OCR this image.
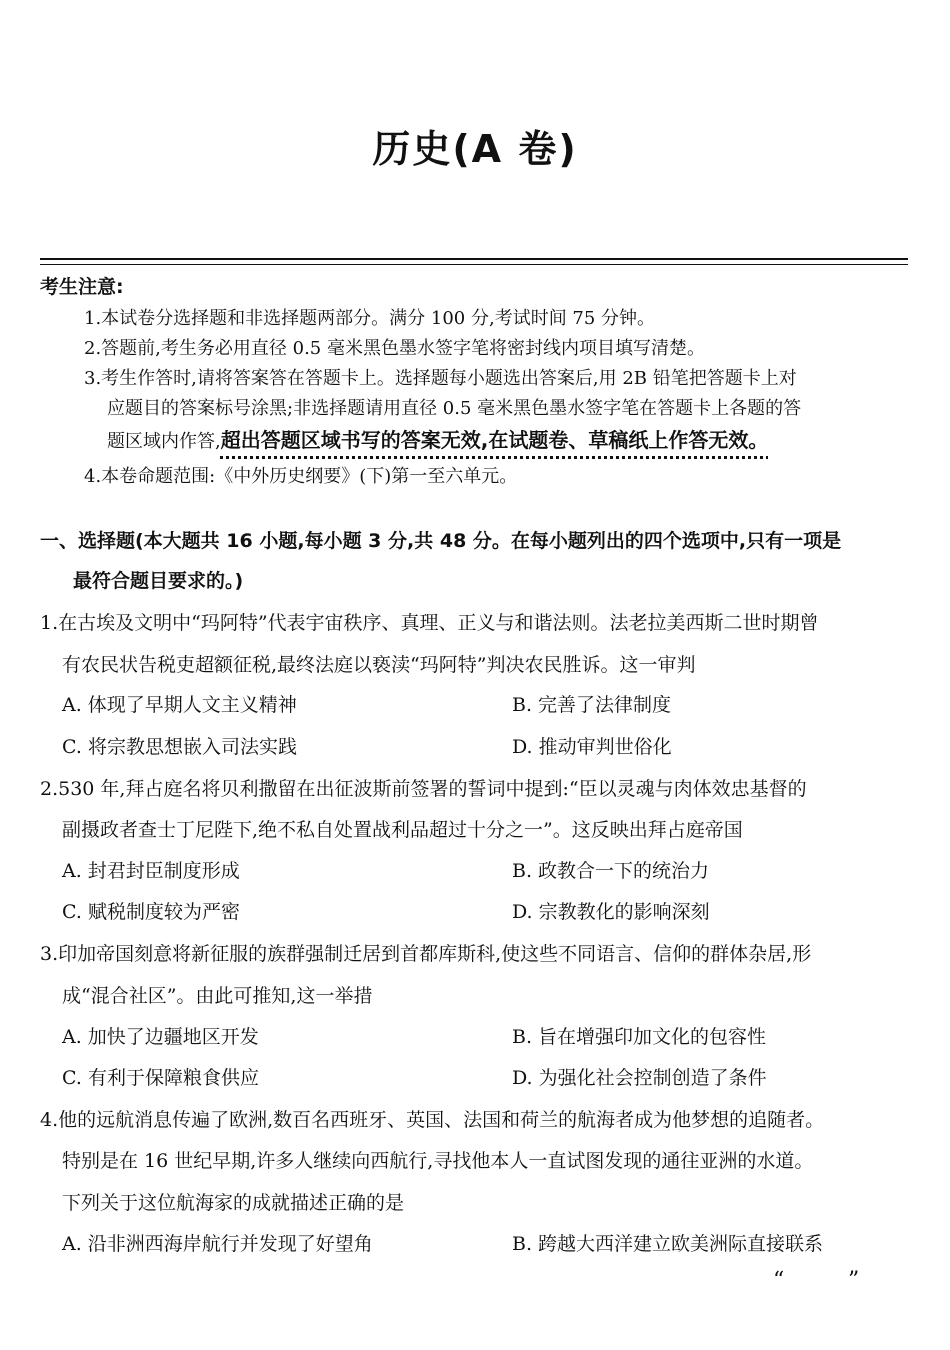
历史(A 卷)
考生注意:
1.本试卷分选择题和非选择题两部分。满分 100 分,考试时间 75 分钟。
2.答题前,考生务必用直径 0.5 毫米黑色墨水签字笔将密封线内项目填写清楚。
3.考生作答时,请将答案答在答题卡上。选择题每小题选出答案后,用 2B 铅笔把答题卡上对
应题目的答案标号涂黑;非选择题请用直径 0.5 毫米黑色墨水签字笔在答题卡上各题的答
题区域内作答,超出答题区域书写的答案无效,在试题卷、草稿纸上作答无效。
4.本卷命题范围:《中外历史纲要》(下)第一至六单元。
一、选择题(本大题共 16 小题,每小题 3 分,共 48 分。在每小题列出的四个选项中,只有一项是
最符合题目要求的。)
1.在古埃及文明中“玛阿特”代表宇宙秩序、真理、正义与和谐法则。法老拉美西斯二世时期曾
有农民状告税吏超额征税,最终法庭以亵渎“玛阿特”判决农民胜诉。这一审判
A. 体现了早期人文主义精神	B. 完善了法律制度
C. 将宗教思想嵌入司法实践	D. 推动审判世俗化
2.530 年,拜占庭名将贝利撒留在出征波斯前签署的誓词中提到:“臣以灵魂与肉体效忠基督的
副摄政者查士丁尼陛下,绝不私自处置战利品超过十分之一”。这反映出拜占庭帝国
A. 封君封臣制度形成	B. 政教合一下的统治力
C. 赋税制度较为严密	D. 宗教教化的影响深刻
3.印加帝国刻意将新征服的族群强制迁居到首都库斯科,使这些不同语言、信仰的群体杂居,形
成“混合社区”。由此可推知,这一举措
A. 加快了边疆地区开发	B. 旨在增强印加文化的包容性
C. 有利于保障粮食供应	D. 为强化社会控制创造了条件
4.他的远航消息传遍了欧洲,数百名西班牙、英国、法国和荷兰的航海者成为他梦想的追随者。
特别是在 16 世纪早期,许多人继续向西航行,寻找他本人一直试图发现的通往亚洲的水道。
下列关于这位航海家的成就描述正确的是
A. 沿非洲西海岸航行并发现了好望角	B. 跨越大西洋建立欧美洲际直接联系
“	”
